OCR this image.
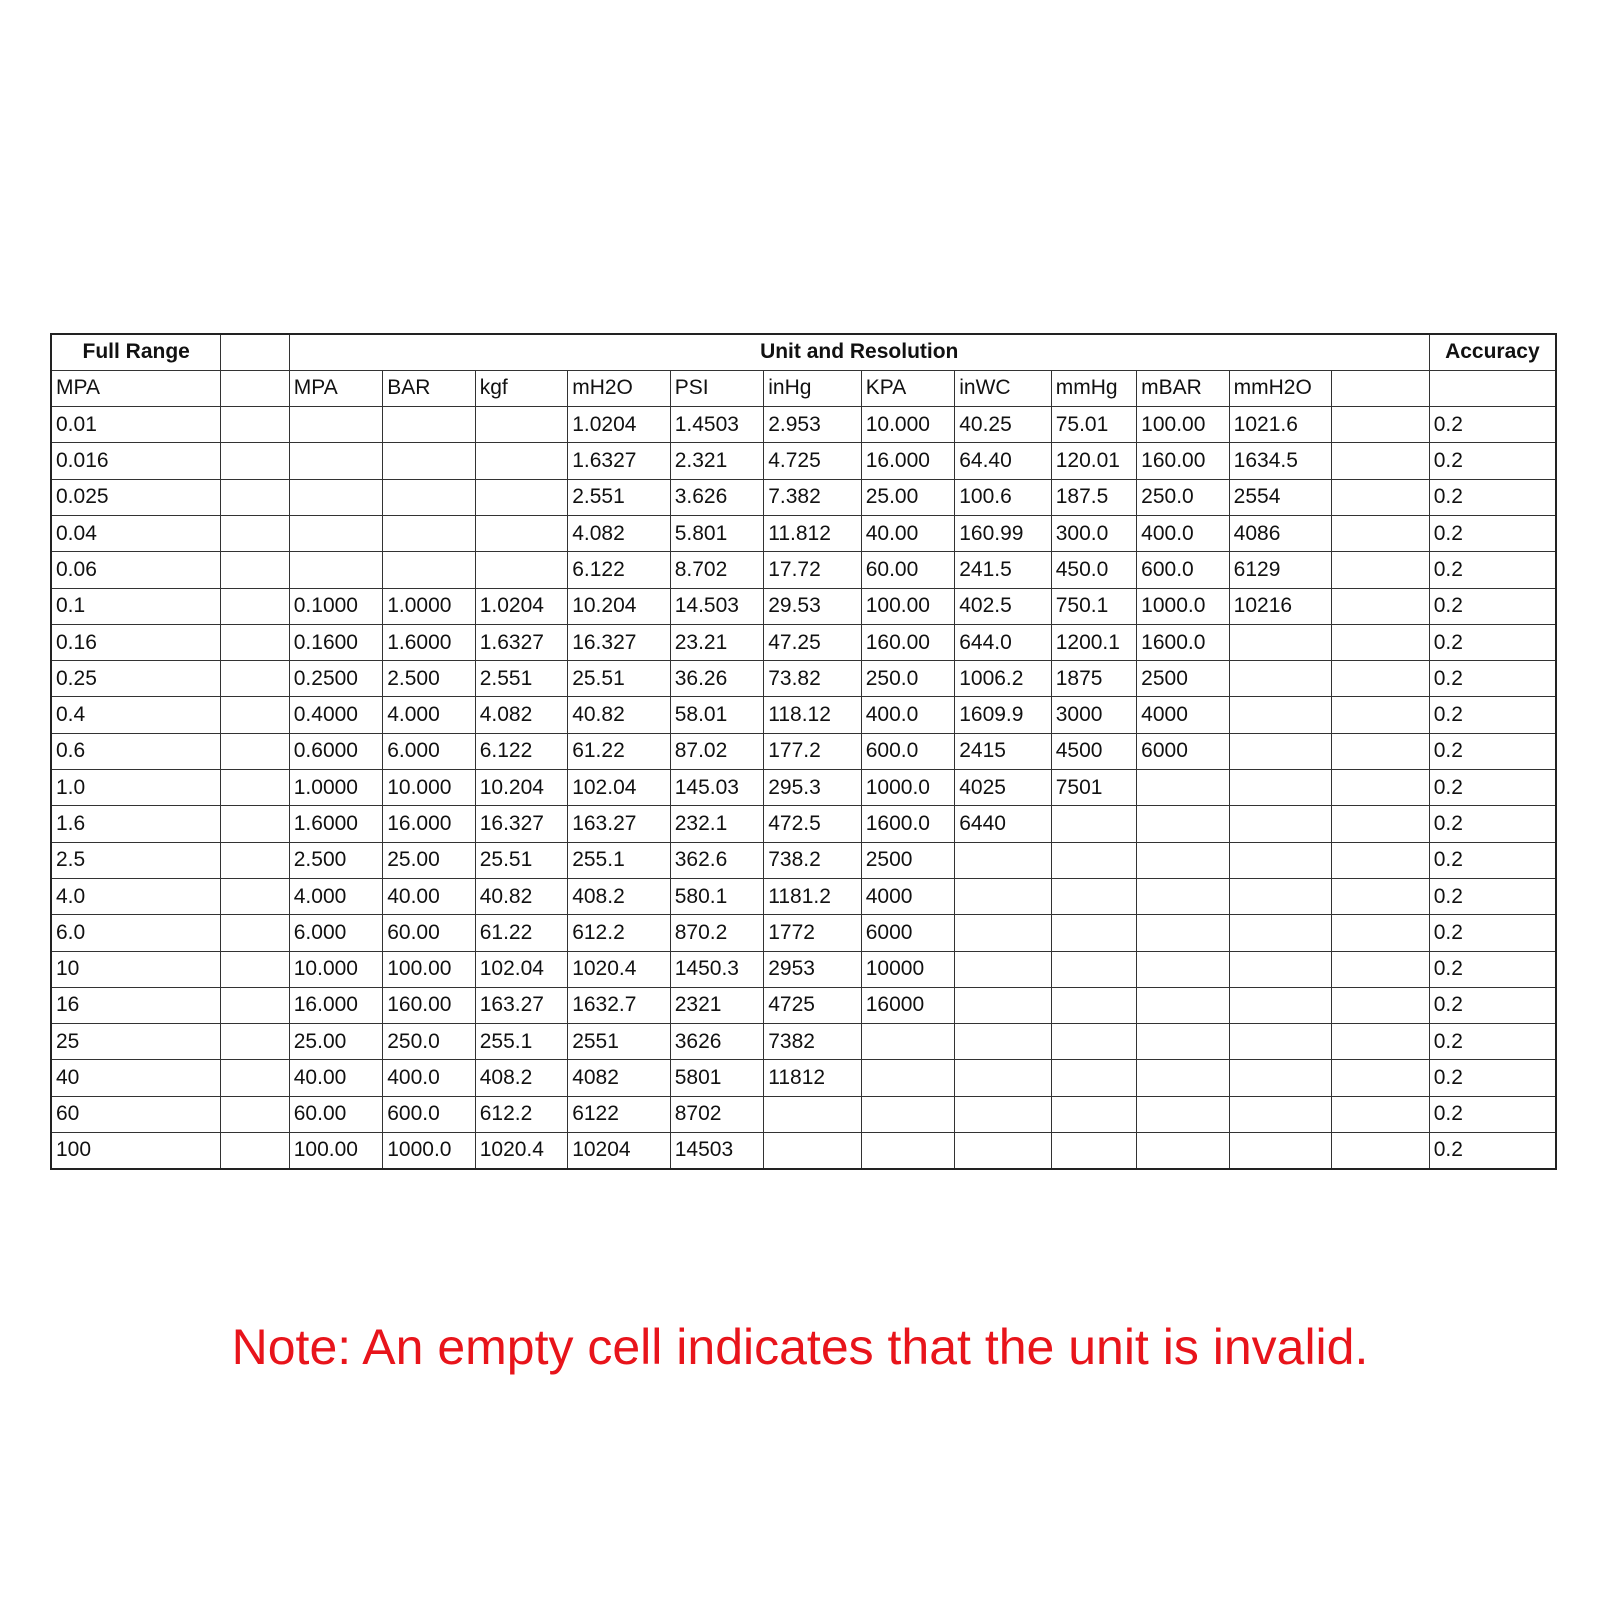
Full Range		Unit and Resolution												Accuracy
MPA		MPA	BAR	kgf	mH2O	PSI	inHg	KPA	inWC	mmHg	mBAR	mmH2O		
0.01					1.0204	1.4503	2.953	10.000	40.25	75.01	100.00	1021.6		0.2
0.016					1.6327	2.321	4.725	16.000	64.40	120.01	160.00	1634.5		0.2
0.025					2.551	3.626	7.382	25.00	100.6	187.5	250.0	2554		0.2
0.04					4.082	5.801	11.812	40.00	160.99	300.0	400.0	4086		0.2
0.06					6.122	8.702	17.72	60.00	241.5	450.0	600.0	6129		0.2
0.1		0.1000	1.0000	1.0204	10.204	14.503	29.53	100.00	402.5	750.1	1000.0	10216		0.2
0.16		0.1600	1.6000	1.6327	16.327	23.21	47.25	160.00	644.0	1200.1	1600.0			0.2
0.25		0.2500	2.500	2.551	25.51	36.26	73.82	250.0	1006.2	1875	2500			0.2
0.4		0.4000	4.000	4.082	40.82	58.01	118.12	400.0	1609.9	3000	4000			0.2
0.6		0.6000	6.000	6.122	61.22	87.02	177.2	600.0	2415	4500	6000			0.2
1.0		1.0000	10.000	10.204	102.04	145.03	295.3	1000.0	4025	7501				0.2
1.6		1.6000	16.000	16.327	163.27	232.1	472.5	1600.0	6440					0.2
2.5		2.500	25.00	25.51	255.1	362.6	738.2	2500						0.2
4.0		4.000	40.00	40.82	408.2	580.1	1181.2	4000						0.2
6.0		6.000	60.00	61.22	612.2	870.2	1772	6000						0.2
10		10.000	100.00	102.04	1020.4	1450.3	2953	10000						0.2
16		16.000	160.00	163.27	1632.7	2321	4725	16000						0.2
25		25.00	250.0	255.1	2551	3626	7382							0.2
40		40.00	400.0	408.2	4082	5801	11812							0.2
60		60.00	600.0	612.2	6122	8702								0.2
100		100.00	1000.0	1020.4	10204	14503								0.2
Note: An empty cell indicates that the unit is invalid.
